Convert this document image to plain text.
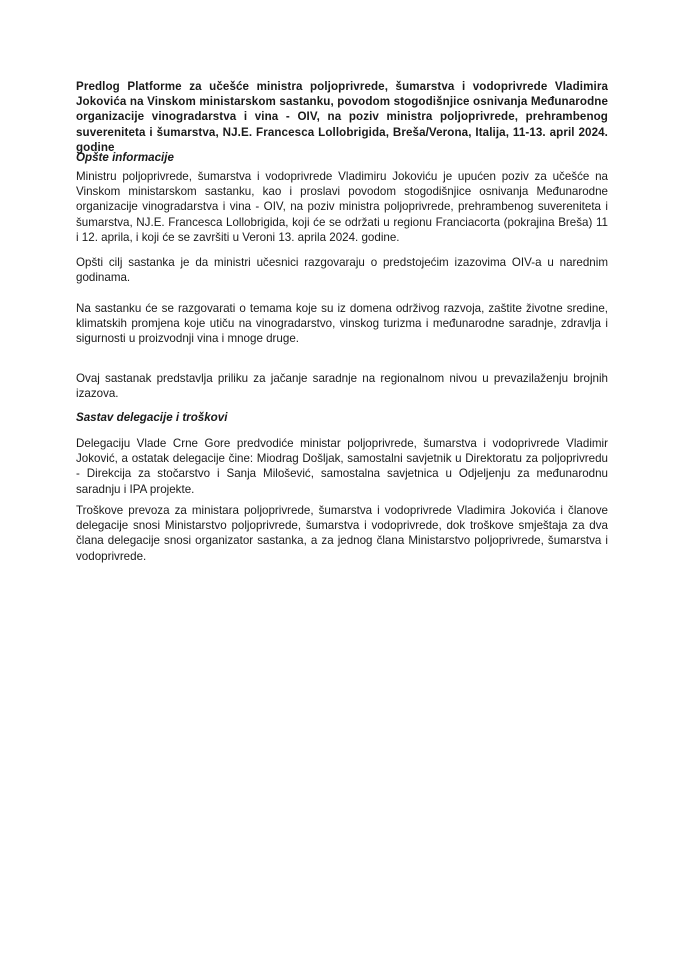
Predlog Platforme za učešće ministra poljoprivrede, šumarstva i vodoprivrede Vladimira Jokovića na Vinskom ministarskom sastanku, povodom stogodišnjice osnivanja Međunarodne organizacije vinogradarstva i vina - OIV, na poziv ministra poljoprivrede, prehrambenog suvereniteta i šumarstva, NJ.E. Francesca Lollobrigida, Breša/Verona, Italija, 11-13. april 2024. godine
Opšte informacije
Ministru poljoprivrede, šumarstva i vodoprivrede Vladimiru Jokoviću je upućen poziv za učešće na Vinskom ministarskom sastanku, kao i proslavi povodom stogodišnjice osnivanja Međunarodne organizacije vinogradarstva i vina - OIV, na poziv ministra poljoprivrede, prehrambenog suvereniteta i šumarstva, NJ.E. Francesca Lollobrigida, koji će se održati u regionu Franciacorta (pokrajina Breša) 11 i 12. aprila, i koji će se završiti u Veroni 13. aprila 2024. godine.
Opšti cilj sastanka je da ministri učesnici razgovaraju o predstojećim izazovima OIV-a u narednim godinama.
Na sastanku će se razgovarati o temama koje su iz domena održivog razvoja, zaštite životne sredine, klimatskih promjena koje utiču na vinogradarstvo, vinskog turizma i međunarodne saradnje, zdravlja i sigurnosti u proizvodnji vina i mnoge druge.
Ovaj sastanak predstavlja priliku za jačanje saradnje na regionalnom nivou u prevazilaženju brojnih izazova.
Sastav delegacije i troškovi
Delegaciju Vlade Crne Gore predvodiće ministar poljoprivrede, šumarstva i vodoprivrede Vladimir Joković, a ostatak delegacije čine: Miodrag Došljak, samostalni savjetnik u Direktoratu za poljoprivredu - Direkcija za stočarstvo i Sanja Milošević, samostalna savjetnica u Odjeljenju za međunarodnu saradnju i IPA projekte.
Troškove prevoza za ministara poljoprivrede, šumarstva i vodoprivrede Vladimira Jokovića i članove delegacije snosi Ministarstvo poljoprivrede, šumarstva i vodoprivrede, dok troškove smještaja za dva člana delegacije snosi organizator sastanka, a za jednog člana Ministarstvo poljoprivrede, šumarstva i vodoprivrede.
